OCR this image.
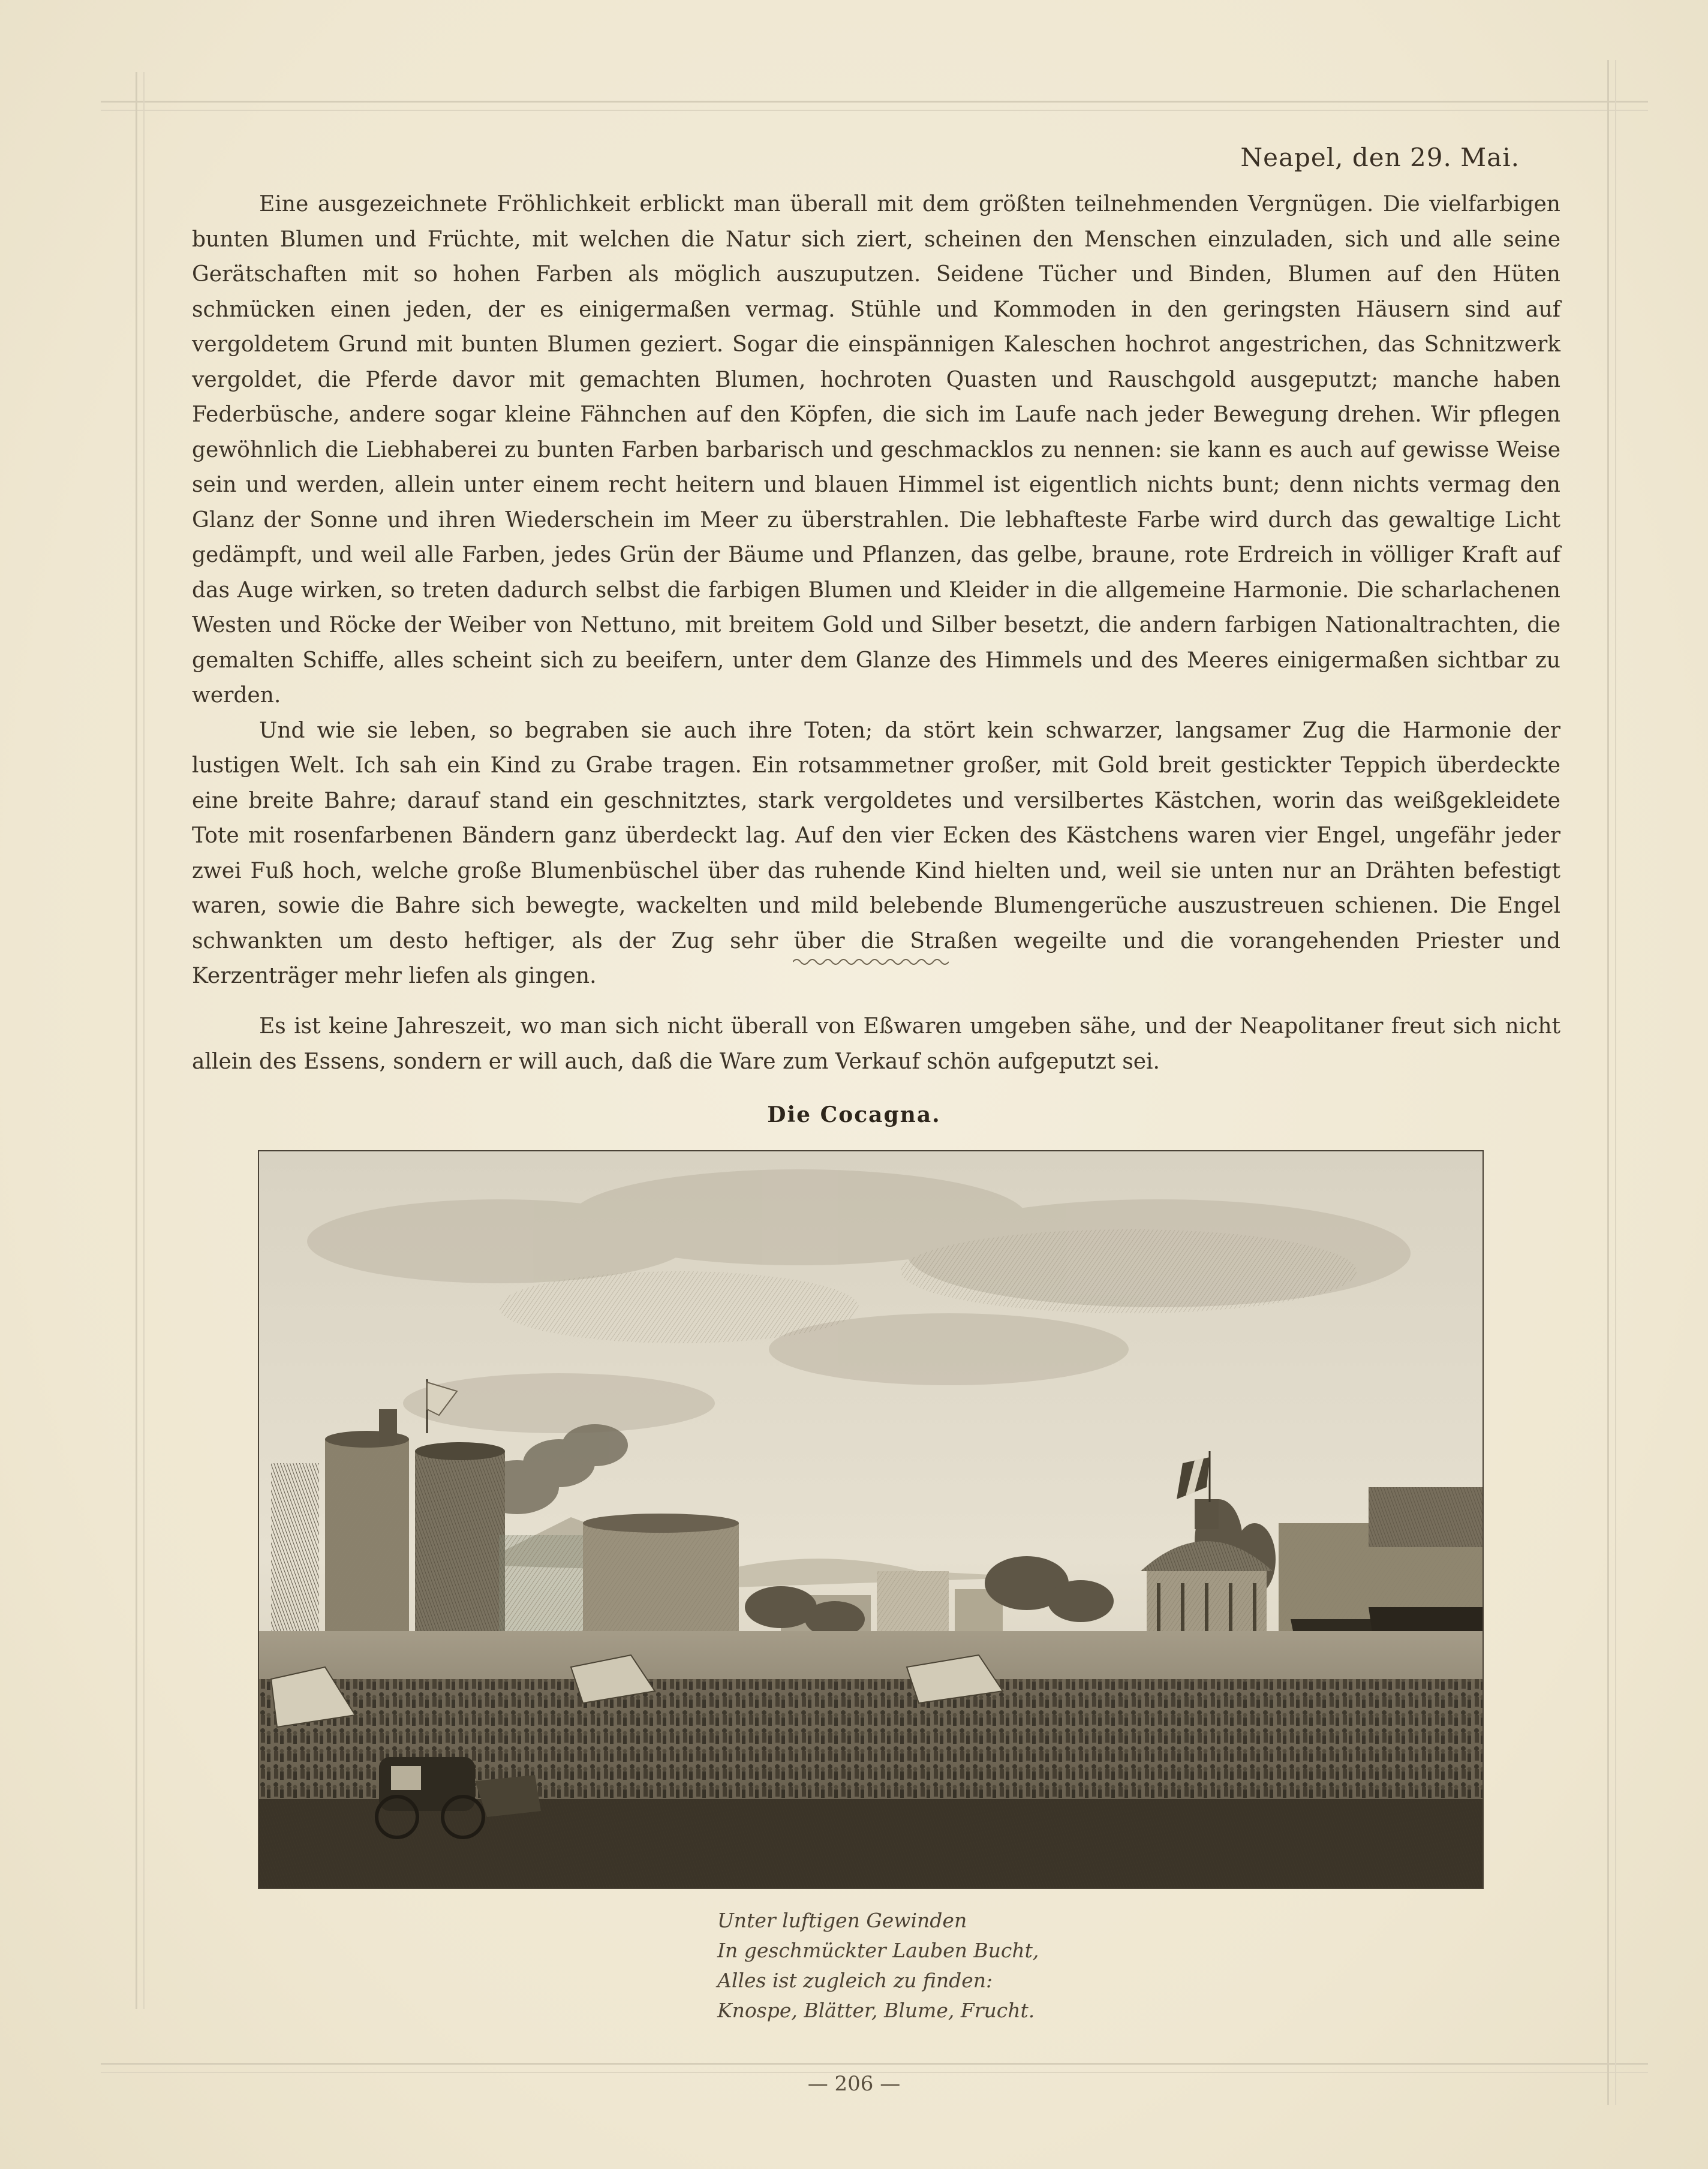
Neapel, den 29. Mai.

Eine ausgezeichnete Fröhlichkeit erblickt man überall mit dem größten teilnehmenden Vergnügen. Die vielfarbigen bunten Blumen und Früchte, mit welchen die Natur sich ziert, scheinen den Menschen einzuladen, sich und alle seine Gerätschaften mit so hohen Farben als möglich auszuputzen. Seidene Tücher und Binden, Blumen auf den Hüten schmücken einen jeden, der es einigermaßen vermag. Stühle und Kommoden in den geringsten Häusern sind auf vergoldetem Grund mit bunten Blumen geziert. Sogar die einspännigen Kaleschen hochrot angestrichen, das Schnitzwerk vergoldet, die Pferde davor mit gemachten Blumen, hochroten Quasten und Rauschgold ausgeputzt; manche haben Federbüsche, andere sogar kleine Fähnchen auf den Köpfen, die sich im Laufe nach jeder Bewegung drehen. Wir pflegen gewöhnlich die Liebhaberei zu bunten Farben barbarisch und geschmacklos zu nennen: sie kann es auch auf gewisse Weise sein und werden, allein unter einem recht heitern und blauen Himmel ist eigentlich nichts bunt; denn nichts vermag den Glanz der Sonne und ihren Wiederschein im Meer zu überstrahlen. Die lebhafteste Farbe wird durch das gewaltige Licht gedämpft, und weil alle Farben, jedes Grün der Bäume und Pflanzen, das gelbe, braune, rote Erdreich in völliger Kraft auf das Auge wirken, so treten dadurch selbst die farbigen Blumen und Kleider in die allgemeine Harmonie. Die scharlachenen Westen und Röcke der Weiber von Nettuno, mit breitem Gold und Silber besetzt, die andern farbigen Nationaltrachten, die gemalten Schiffe, alles scheint sich zu beeifern, unter dem Glanze des Himmels und des Meeres einigermaßen sichtbar zu werden.

Und wie sie leben, so begraben sie auch ihre Toten; da stört kein schwarzer, langsamer Zug die Harmonie der lustigen Welt. Ich sah ein Kind zu Grabe tragen. Ein rotsammetner großer, mit Gold breit gestickter Teppich überdeckte eine breite Bahre; darauf stand ein geschnitztes, stark vergoldetes und versilbertes Kästchen, worin das weißgekleidete Tote mit rosenfarbenen Bändern ganz überdeckt lag. Auf den vier Ecken des Kästchens waren vier Engel, ungefähr jeder zwei Fuß hoch, welche große Blumenbüschel über das ruhende Kind hielten und, weil sie unten nur an Drähten befestigt waren, sowie die Bahre sich bewegte, wackelten und mild belebende Blumengerüche auszustreuen schienen. Die Engel schwankten um desto heftiger, als der Zug sehr über die Straßen wegeilte und die vorangehenden Priester und Kerzenträger mehr liefen als gingen.

Es ist keine Jahreszeit, wo man sich nicht überall von Eßwaren umgeben sähe, und der Neapolitaner freut sich nicht allein des Essens, sondern er will auch, daß die Ware zum Verkauf schön aufgeputzt sei.

Die Cocagna.
Unter luftigen Gewinden
In geschmückter Lauben Bucht,
Alles ist zugleich zu finden:
Knospe, Blätter, Blume, Frucht.
— 206 —
